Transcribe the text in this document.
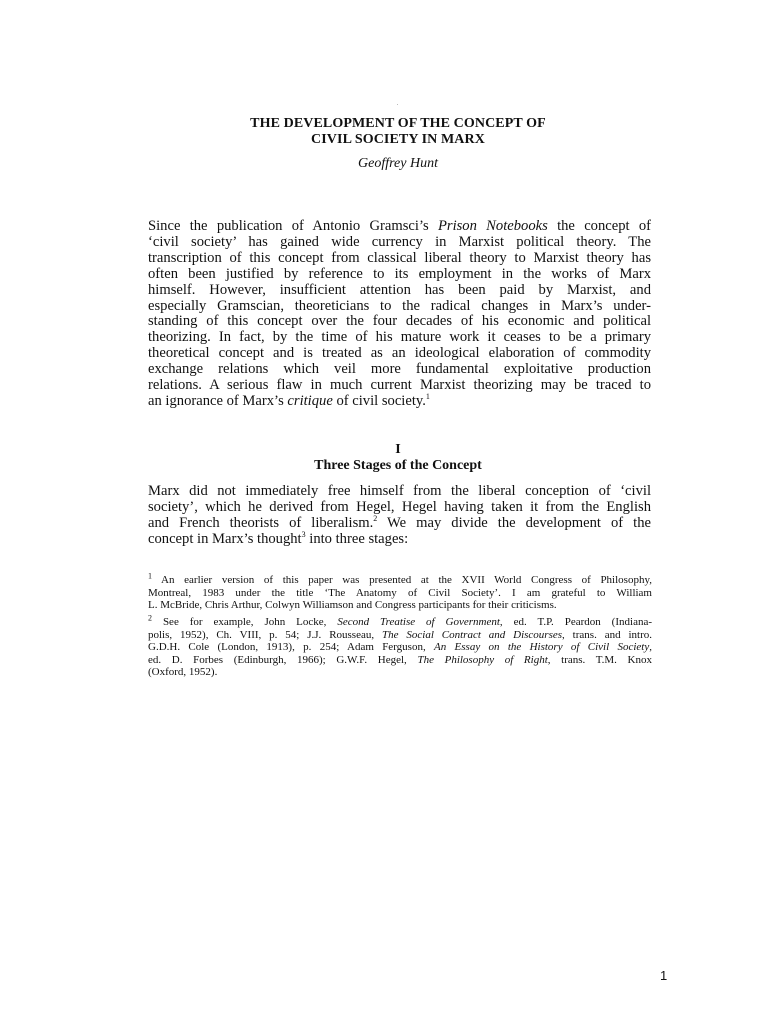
THE DEVELOPMENT OF THE CONCEPT OF
CIVIL SOCIETY IN MARX
Geoffrey Hunt
Since the publication of Antonio Gramsci’s Prison Notebooks the concept of
‘civil society’ has gained wide currency in Marxist political theory. The
transcription of this concept from classical liberal theory to Marxist theory has
often been justified by reference to its employment in the works of Marx
himself. However, insufficient attention has been paid by Marxist, and
especially Gramscian, theoreticians to the radical changes in Marx’s under-
standing of this concept over the four decades of his economic and political
theorizing. In fact, by the time of his mature work it ceases to be a primary
theoretical concept and is treated as an ideological elaboration of commodity
exchange relations which veil more fundamental exploitative production
relations. A serious flaw in much current Marxist theorizing may be traced to
an ignorance of Marx’s critique of civil society.$^1$
I
Three Stages of the Concept
Marx did not immediately free himself from the liberal conception of ‘civil
society’, which he derived from Hegel, Hegel having taken it from the English
and French theorists of liberalism.$^2$ We may divide the development of the
concept in Marx’s thought$^3$ into three stages:
$^1$ An earlier version of this paper was presented at the XVII World Congress of Philosophy,
Montreal, 1983 under the title ‘The Anatomy of Civil Society’. I am grateful to William
L. McBride, Chris Arthur, Colwyn Williamson and Congress participants for their criticisms.
$^2$ See for example, John Locke, Second Treatise of Government, ed. T.P. Peardon (Indiana-
polis, 1952), Ch. VIII, p. 54; J.J. Rousseau, The Social Contract and Discourses, trans. and intro.
G.D.H. Cole (London, 1913), p. 254; Adam Ferguson, An Essay on the History of Civil Society,
ed. D. Forbes (Edinburgh, 1966); G.W.F. Hegel, The Philosophy of Right, trans. T.M. Knox
(Oxford, 1952).
1
